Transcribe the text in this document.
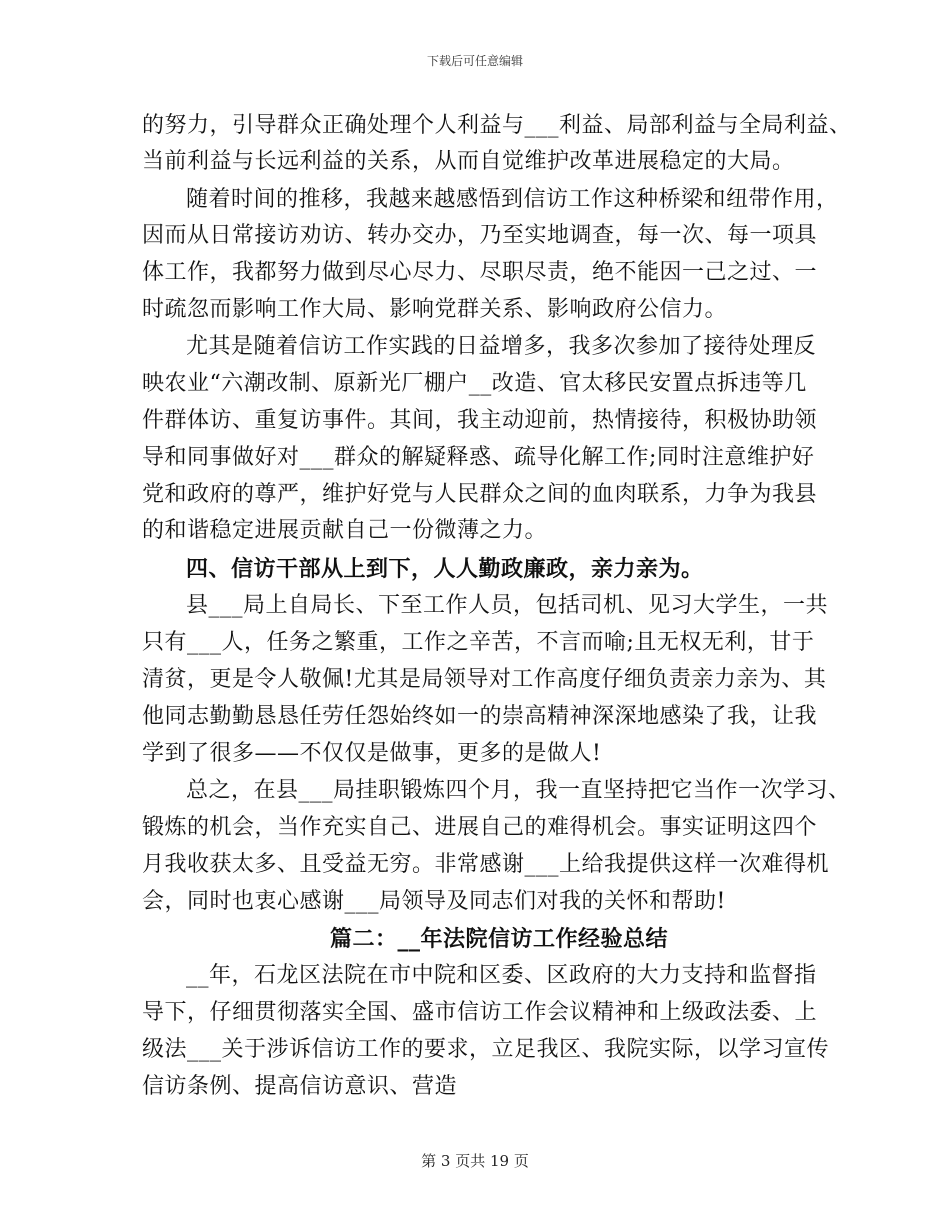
下载后可任意编辑
的努力，引导群众正确处理个人利益与___利益、局部利益与全局利益、
当前利益与长远利益的关系，从而自觉维护改革进展稳定的大局。
随着时间的推移，我越来越感悟到信访工作这种桥梁和纽带作用，
因而从日常接访劝访、转办交办，乃至实地调查，每一次、每一项具
体工作，我都努力做到尽心尽力、尽职尽责，绝不能因一己之过、一
时疏忽而影响工作大局、影响党群关系、影响政府公信力。
尤其是随着信访工作实践的日益增多，我多次参加了接待处理反
映农业“六潮改制、原新光厂棚户__改造、官太移民安置点拆违等几
件群体访、重复访事件。其间，我主动迎前，热情接待，积极协助领
导和同事做好对___群众的解疑释惑、疏导化解工作;同时注意维护好
党和政府的尊严，维护好党与人民群众之间的血肉联系，力争为我县
的和谐稳定进展贡献自己一份微薄之力。
四、信访干部从上到下，人人勤政廉政，亲力亲为。
县___局上自局长、下至工作人员，包括司机、见习大学生，一共
只有___人，任务之繁重，工作之辛苦，不言而喻;且无权无利，甘于
清贫，更是令人敬佩!尤其是局领导对工作高度仔细负责亲力亲为、其
他同志勤勤恳恳任劳任怨始终如一的崇高精神深深地感染了我，让我
学到了很多——不仅仅是做事，更多的是做人!
总之，在县___局挂职锻炼四个月，我一直坚持把它当作一次学习、
锻炼的机会，当作充实自己、进展自己的难得机会。事实证明这四个
月我收获太多、且受益无穷。非常感谢___上给我提供这样一次难得机
会，同时也衷心感谢___局领导及同志们对我的关怀和帮助!
篇二：__年法院信访工作经验总结
__年，石龙区法院在市中院和区委、区政府的大力支持和监督指
导下，仔细贯彻落实全国、盛市信访工作会议精神和上级政法委、上
级法___关于涉诉信访工作的要求，立足我区、我院实际，以学习宣传
信访条例、提高信访意识、营造
第 3 页共 19 页
